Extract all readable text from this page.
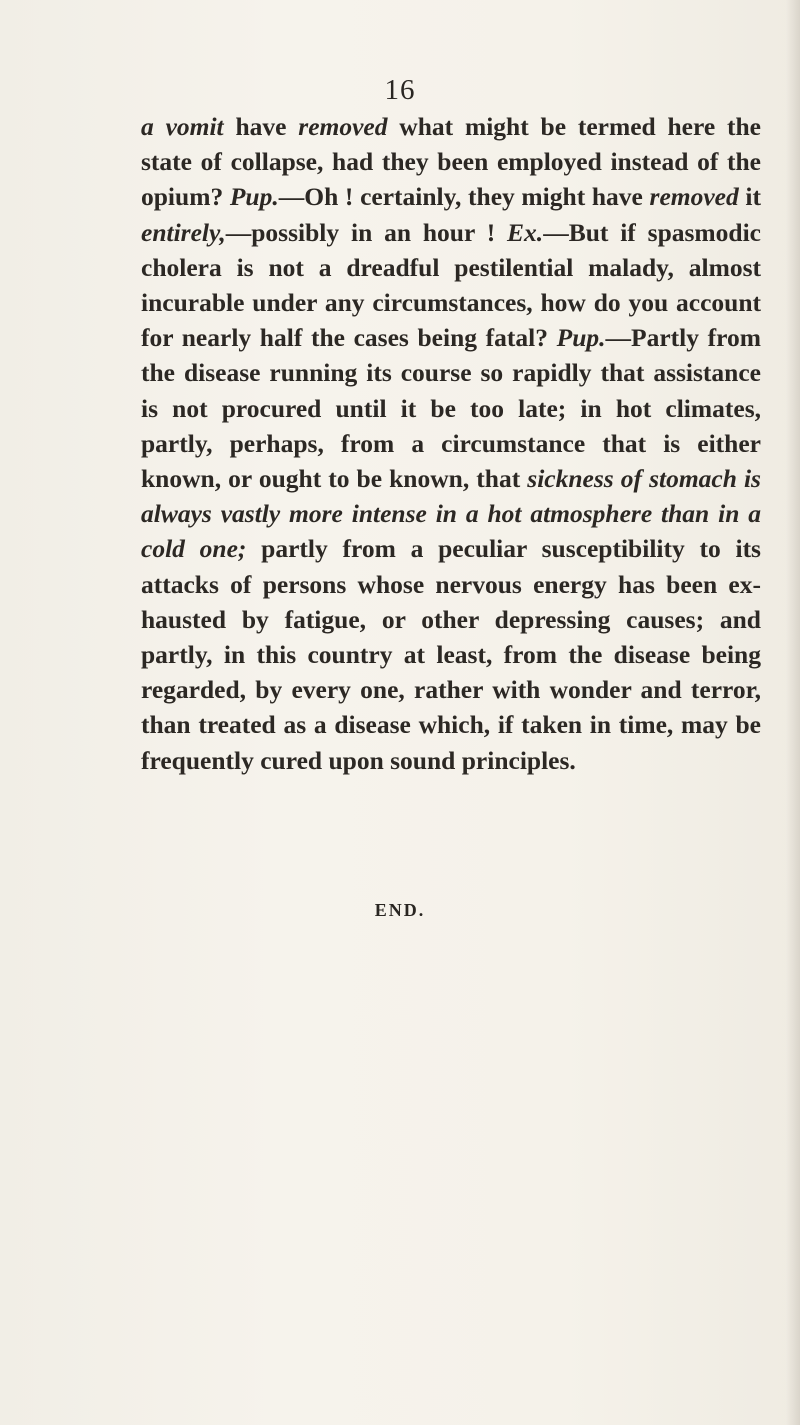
16
a vomit have removed what might be termed here the state of collapse, had they been employed instead of the opium? Pup.—Oh ! certainly, they might have removed it entirely,—possibly in an hour ! Ex.—But if spasmodic cholera is not a dreadful pestilential malady, almost incurable under any circumstances, how do you account for nearly half the cases being fatal? Pup.—Partly from the disease running its course so rapidly that assistance is not procured until it be too late; in hot climates, partly, perhaps, from a circumstance that is either known, or ought to be known, that sickness of stomach is always vastly more intense in a hot atmosphere than in a cold one; partly from a peculiar susceptibility to its attacks of persons whose nervous energy has been exhausted by fatigue, or other depressing causes; and partly, in this country at least, from the disease being regarded, by every one, rather with wonder and terror, than treated as a disease which, if taken in time, may be frequently cured upon sound principles.
END.
